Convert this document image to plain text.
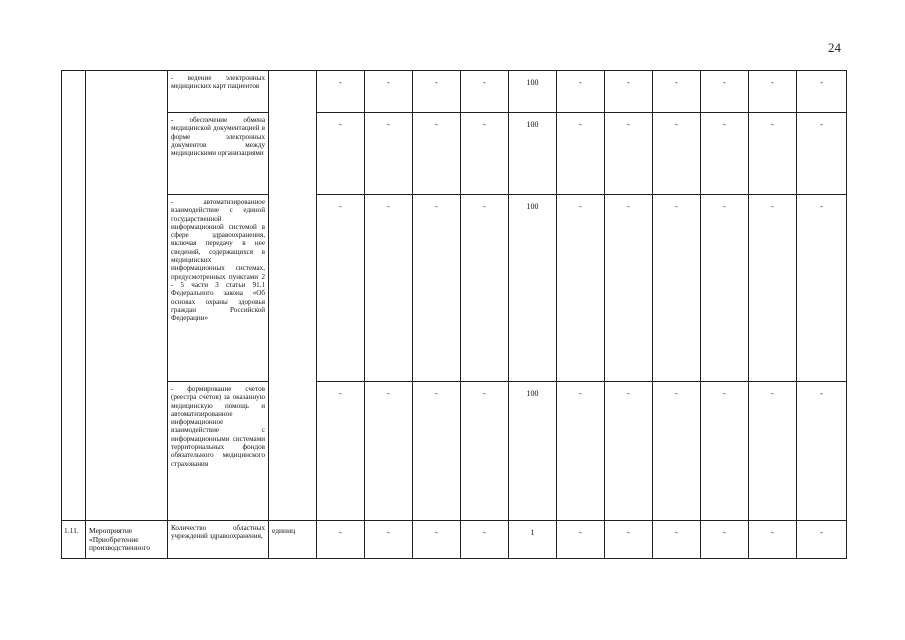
24
		- ведение электронных медицинских карт пациентов		-	-	-	-	100	-	-	-	-	-	-
		- обеспечение обмена медицинской документацией в форме электронных документов между медицинскими организациями		-	-	-	-	100	-	-	-	-	-	-
		- автоматизированное взаимодействие с единой государственной информационной системой в сфере здравоохранения, включая передачу в нее сведений, содержащихся в медицинских информационных системах, предусмотренных пунктами 2 - 5 части 3 статьи 91.1 Федерального закона «Об основах охраны здоровья граждан Российской Федерации»		-	-	-	-	100	-	-	-	-	-	-
		- формирование счетов (реестра счетов) за оказанную медицинскую помощь и автоматизированное информационное взаимодействие с информационными системами территориальных фондов обязательного медицинского страхования		-	-	-	-	100	-	-	-	-	-	-
1.11.	Мероприятие «Приобретение производственного	Количество областных учреждений здравоохранения,	единиц	-	-	-	-	1	-	-	-	-	-	-
